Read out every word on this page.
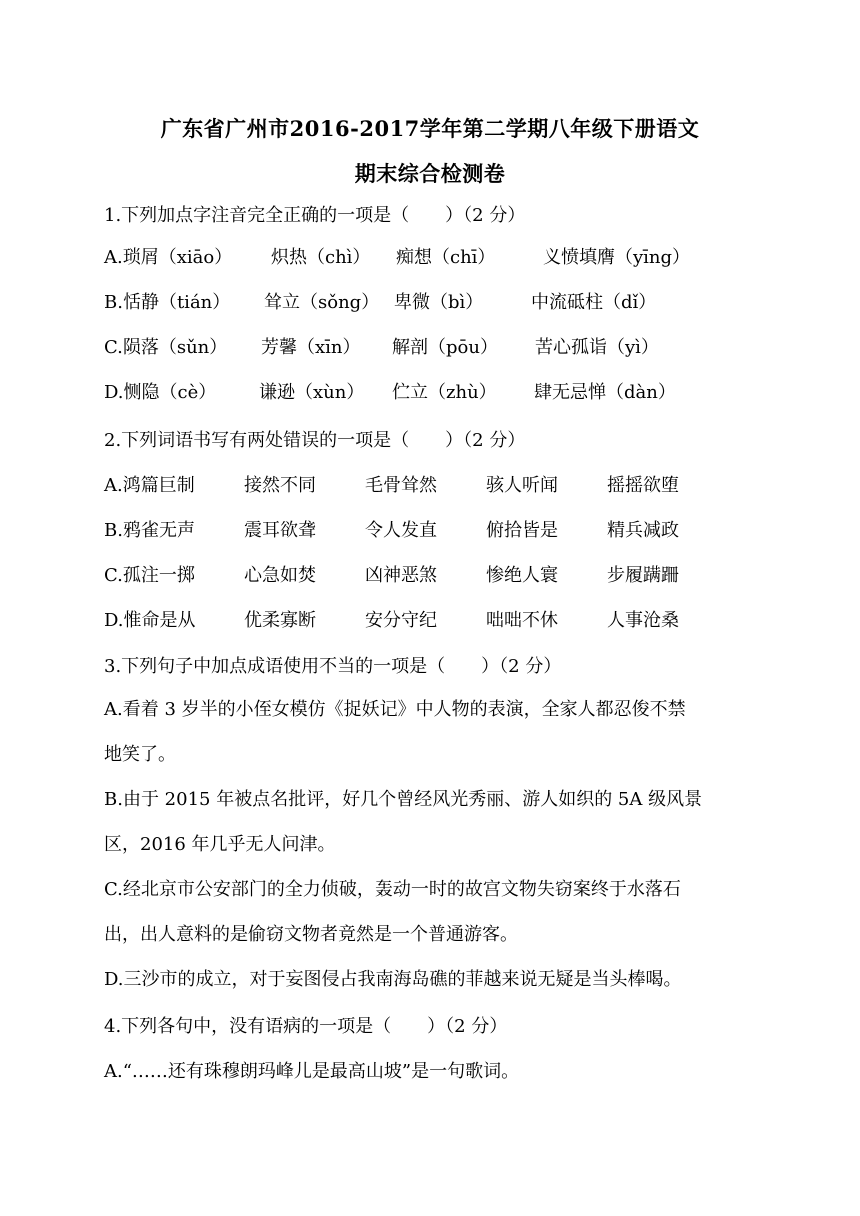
广东省广州市2016-2017学年第二学期八年级下册语文
期末综合检测卷
1.下列加点字注音完全正确的一项是（　　）（2 分）
A.琐屑（xiāo） 炽热（chì） 痴想（chī）	义愤填膺（yīng）
B.恬静（tián） 耸立（sǒng） 卑微（bì）	中流砥柱（dǐ）
C.陨落（sǔn） 芳馨（xīn） 解剖（pōu） 苦心孤诣（yì）
D.恻隐（cè） 谦逊（xùn） 伫立（zhù） 肆无忌惮（dàn）
2.下列词语书写有两处错误的一项是（　　）（2 分）
A.鸿篇巨制	接然不同	毛骨耸然	骇人听闻	摇摇欲堕
B.鸦雀无声	震耳欲聋	令人发直	俯拾皆是	精兵减政
C.孤注一掷	心急如焚	凶神恶煞	惨绝人寰	步履蹒跚
D.惟命是从	优柔寡断	安分守纪	咄咄不休	人事沧桑
3.下列句子中加点成语使用不当的一项是（　　）（2 分）
A.看着 3 岁半的小侄女模仿《捉妖记》中人物的表演，全家人都忍俊不禁
地笑了。
B.由于 2015 年被点名批评，好几个曾经风光秀丽、游人如织的 5A 级风景
区，2016 年几乎无人问津。
C.经北京市公安部门的全力侦破，轰动一时的故宫文物失窃案终于水落石
出，出人意料的是偷窃文物者竟然是一个普通游客。
D.三沙市的成立，对于妄图侵占我南海岛礁的菲越来说无疑是当头棒喝。
4.下列各句中，没有语病的一项是（　　）（2 分）
A.“……还有珠穆朗玛峰儿是最高山坡”是一句歌词。
